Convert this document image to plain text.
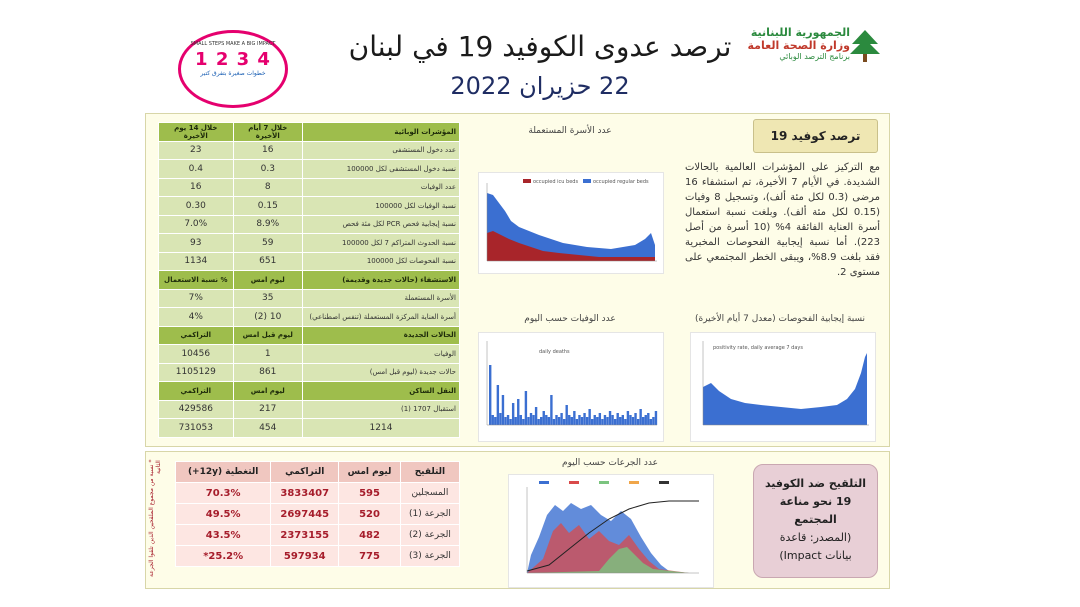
ترصد عدوى الكوفيد 19 في لبنان
22 حزيران 2022
الجمهورية اللبنانية
وزارة الصحة العامة
برنامج الترصد الوبائي
SMALL STEPS MAKE A BIG IMPACT
1 2 3 4
خطوات صغيرة بتفرق كتير
المؤشرات الوبائية	خلال 7 أيام الأخيرة	خلال 14 يوم الأخيرة
عدد دخول المستشفى	16	23
نسبة دخول المستشفى لكل 100000	0.3	0.4
عدد الوفيات	8	16
نسبة الوفيات لكل 100000	0.15	0.30
نسبة إيجابية فحص PCR لكل مئة فحص	8.9%	7.0%
نسبة الحدوث المتراكم 7 لكل 100000	59	93
نسبة الفحوصات لكل 100000	651	1134
الاستشفاء (حالات جديدة وقديمة)	ليوم امس	% نسبة الاستعمال
الأسرة المستعملة	35	7%
أسرة العناية المركزة المستعملة (تنفس اصطناعي)	10 (2)	4%
الحالات الجديدة	ليوم قبل امس	التراكمي
الوفيات	1	10456
حالات جديدة (ليوم قبل امس)	861	1105129
النقل الساكن	ليوم امس	التراكمي
استقبال 1707 (1)	217	429586
1214	454	731053
ترصد كوفيد 19
مع التركيز على المؤشرات العالمية بالحالات الشديدة. في الأيام 7 الأخيرة، تم استشفاء 16 مرضى (0.3 لكل مئة ألف)، وتسجيل 8 وفيات (0.15 لكل مئة ألف). وبلغت نسبة استعمال أسرة العناية الفائقة 4% (10 أسرة من أصل 223). أما نسبة إيجابية الفحوصات المخبرية فقد بلغت 8.9%، ويبقى الخطر المجتمعي على مستوى 2.
عدد الأسرة المستعملة
occupied icu beds	occupied regular beds
عدد الوفيات حسب اليوم
daily deaths
نسبة إيجابية الفحوصات (معدل 7 أيام الأخيرة)
positivity rate, daily average 7 days
* نسبة من مجموع الملقحين الذين تلقوا الجرعة الثانية	التلقيح	ليوم امس	التراكمي	التغطية (12y+)
المسجلين	595	3833407	70.3%
الجرعة (1)	520	2697445	49.5%
الجرعة (2)	482	2373155	43.5%
الجرعة (3)	775	597934	25.2%*
عدد الجرعات حسب اليوم
التلقيح ضد الكوفيد
19 نحو مناعة
المجتمع
(المصدر: قاعدة
بيانات Impact)
